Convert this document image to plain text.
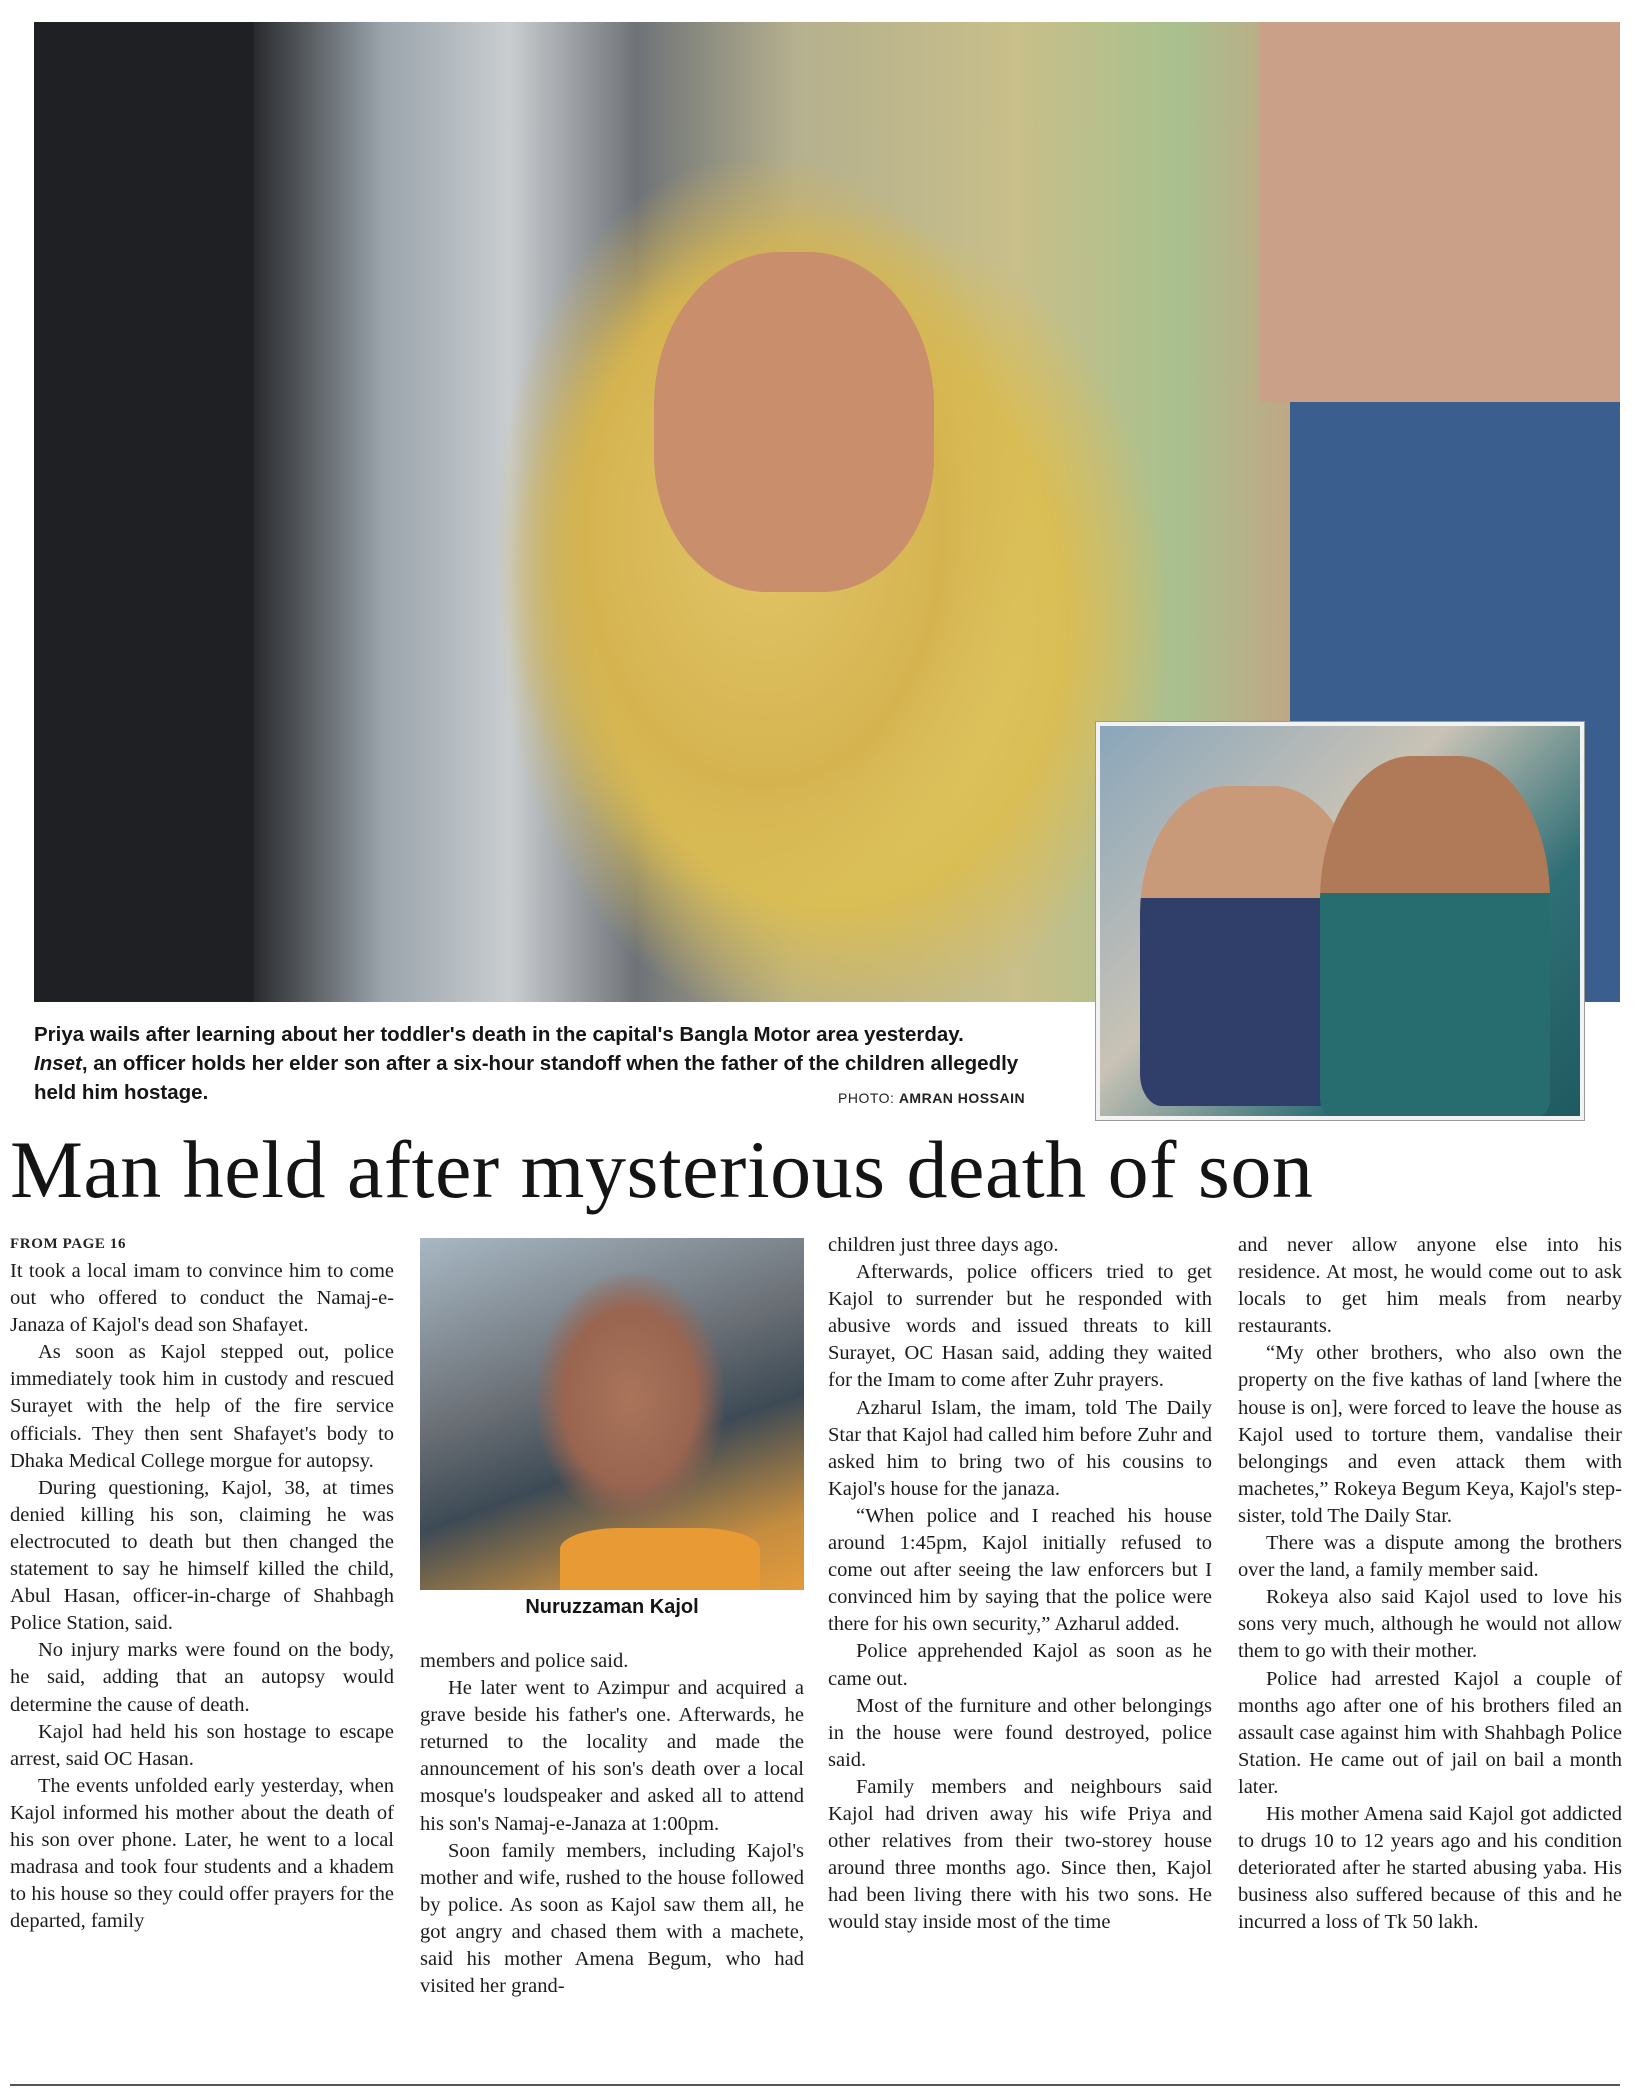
Priya wails after learning about her toddler's death in the capital's Bangla Motor area yesterday.

Inset, an officer holds her elder son after a six-hour standoff when the father of the children allegedly held him hostage.	PHOTO: AMRAN HOSSAIN
Man held after mysterious death of son
FROM PAGE 16

It took a local imam to convince him to come out who offered to conduct the Namaj-e-Janaza of Kajol's dead son Shafayet.

As soon as Kajol stepped out, police immediately took him in custody and rescued Surayet with the help of the fire service officials. They then sent Shafayet's body to Dhaka Medical College morgue for autopsy.

During questioning, Kajol, 38, at times denied killing his son, claiming he was electrocuted to death but then changed the statement to say he himself killed the child, Abul Hasan, officer-in-charge of Shahbagh Police Station, said.

No injury marks were found on the body, he said, adding that an autopsy would determine the cause of death.

Kajol had held his son hostage to escape arrest, said OC Hasan.

The events unfolded early yesterday, when Kajol informed his mother about the death of his son over phone. Later, he went to a local madrasa and took four students and a khadem to his house so they could offer prayers for the departed, family

Nuruzzaman Kajol

members and police said.

He later went to Azimpur and acquired a grave beside his father's one. Afterwards, he returned to the locality and made the announcement of his son's death over a local mosque's loudspeaker and asked all to attend his son's Namaj-e-Janaza at 1:00pm.

Soon family members, including Kajol's mother and wife, rushed to the house followed by police. As soon as Kajol saw them all, he got angry and chased them with a machete, said his mother Amena Begum, who had visited her grand-

children just three days ago.

Afterwards, police officers tried to get Kajol to surrender but he responded with abusive words and issued threats to kill Surayet, OC Hasan said, adding they waited for the Imam to come after Zuhr prayers.

Azharul Islam, the imam, told The Daily Star that Kajol had called him before Zuhr and asked him to bring two of his cousins to Kajol's house for the janaza.

“When police and I reached his house around 1:45pm, Kajol initially refused to come out after seeing the law enforcers but I convinced him by saying that the police were there for his own security,” Azharul added.

Police apprehended Kajol as soon as he came out.

Most of the furniture and other belongings in the house were found destroyed, police said.

Family members and neighbours said Kajol had driven away his wife Priya and other relatives from their two-storey house around three months ago. Since then, Kajol had been living there with his two sons. He would stay inside most of the time

and never allow anyone else into his residence. At most, he would come out to ask locals to get him meals from nearby restaurants.

“My other brothers, who also own the property on the five kathas of land [where the house is on], were forced to leave the house as Kajol used to torture them, vandalise their belongings and even attack them with machetes,” Rokeya Begum Keya, Kajol's step-sister, told The Daily Star.

There was a dispute among the brothers over the land, a family member said.

Rokeya also said Kajol used to love his sons very much, although he would not allow them to go with their mother.

Police had arrested Kajol a couple of months ago after one of his brothers filed an assault case against him with Shahbagh Police Station. He came out of jail on bail a month later.

His mother Amena said Kajol got addicted to drugs 10 to 12 years ago and his condition deteriorated after he started abusing yaba. His business also suffered because of this and he incurred a loss of Tk 50 lakh.
